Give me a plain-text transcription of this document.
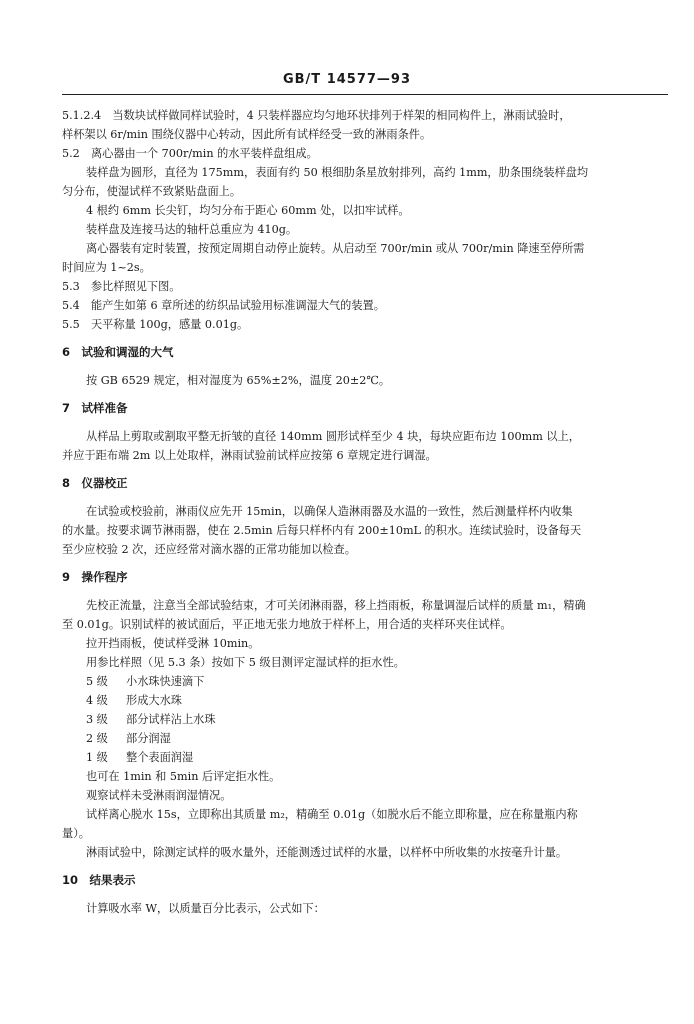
GB/T 14577—93
5.1.2.4　当数块试样做同样试验时，4 只装样器应均匀地环状排列于样架的相同构件上，淋雨试验时，
样杯架以 6r/min 围绕仪器中心转动，因此所有试样经受一致的淋雨条件。
5.2　离心器由一个 700r/min 的水平装样盘组成。
装样盘为圆形，直径为 175mm，表面有约 50 根细肋条星放射排列，高约 1mm，肋条围绕装样盘均
匀分布，使湿试样不致紧贴盘面上。
4 根约 6mm 长尖钉，均匀分布于距心 60mm 处，以扣牢试样。
装样盘及连接马达的轴杆总重应为 410g。
离心器装有定时装置，按预定周期自动停止旋转。从启动至 700r/min 或从 700r/min 降速至停所需
时间应为 1~2s。
5.3　参比样照见下图。
5.4　能产生如第 6 章所述的纺织品试验用标准调湿大气的装置。
5.5　天平称量 100g，感量 0.01g。
6　试验和调湿的大气
按 GB 6529 规定，相对湿度为 65%±2%，温度 20±2℃。
7　试样准备
从样品上剪取或割取平整无折皱的直径 140mm 圆形试样至少 4 块，每块应距布边 100mm 以上，
并应于距布端 2m 以上处取样，淋雨试验前试样应按第 6 章规定进行调湿。
8　仪器校正
在试验或校验前，淋雨仪应先开 15min，以确保人造淋雨器及水温的一致性，然后测量样杯内收集
的水量。按要求调节淋雨器，使在 2.5min 后每只样杯内有 200±10mL 的积水。连续试验时，设备每天
至少应校验 2 次，还应经常对滴水器的正常功能加以检查。
9　操作程序
先校正流量，注意当全部试验结束，才可关闭淋雨器，移上挡雨板，称量调湿后试样的质量 m₁，精确
至 0.01g。识别试样的被试面后，平正地无张力地放于样杯上，用合适的夹样环夹住试样。
拉开挡雨板，使试样受淋 10min。
用参比样照（见 5.3 条）按如下 5 级目测评定湿试样的拒水性。
5 级 小水珠快速滴下
4 级 形成大水珠
3 级 部分试样沾上水珠
2 级 部分润湿
1 级 整个表面润湿
也可在 1min 和 5min 后评定拒水性。
观察试样未受淋雨润湿情况。
试样离心脱水 15s，立即称出其质量 m₂，精确至 0.01g（如脱水后不能立即称量，应在称量瓶内称
量）。
淋雨试验中，除测定试样的吸水量外，还能测透过试样的水量，以样杯中所收集的水按毫升计量。
10　结果表示
计算吸水率 W，以质量百分比表示，公式如下：
